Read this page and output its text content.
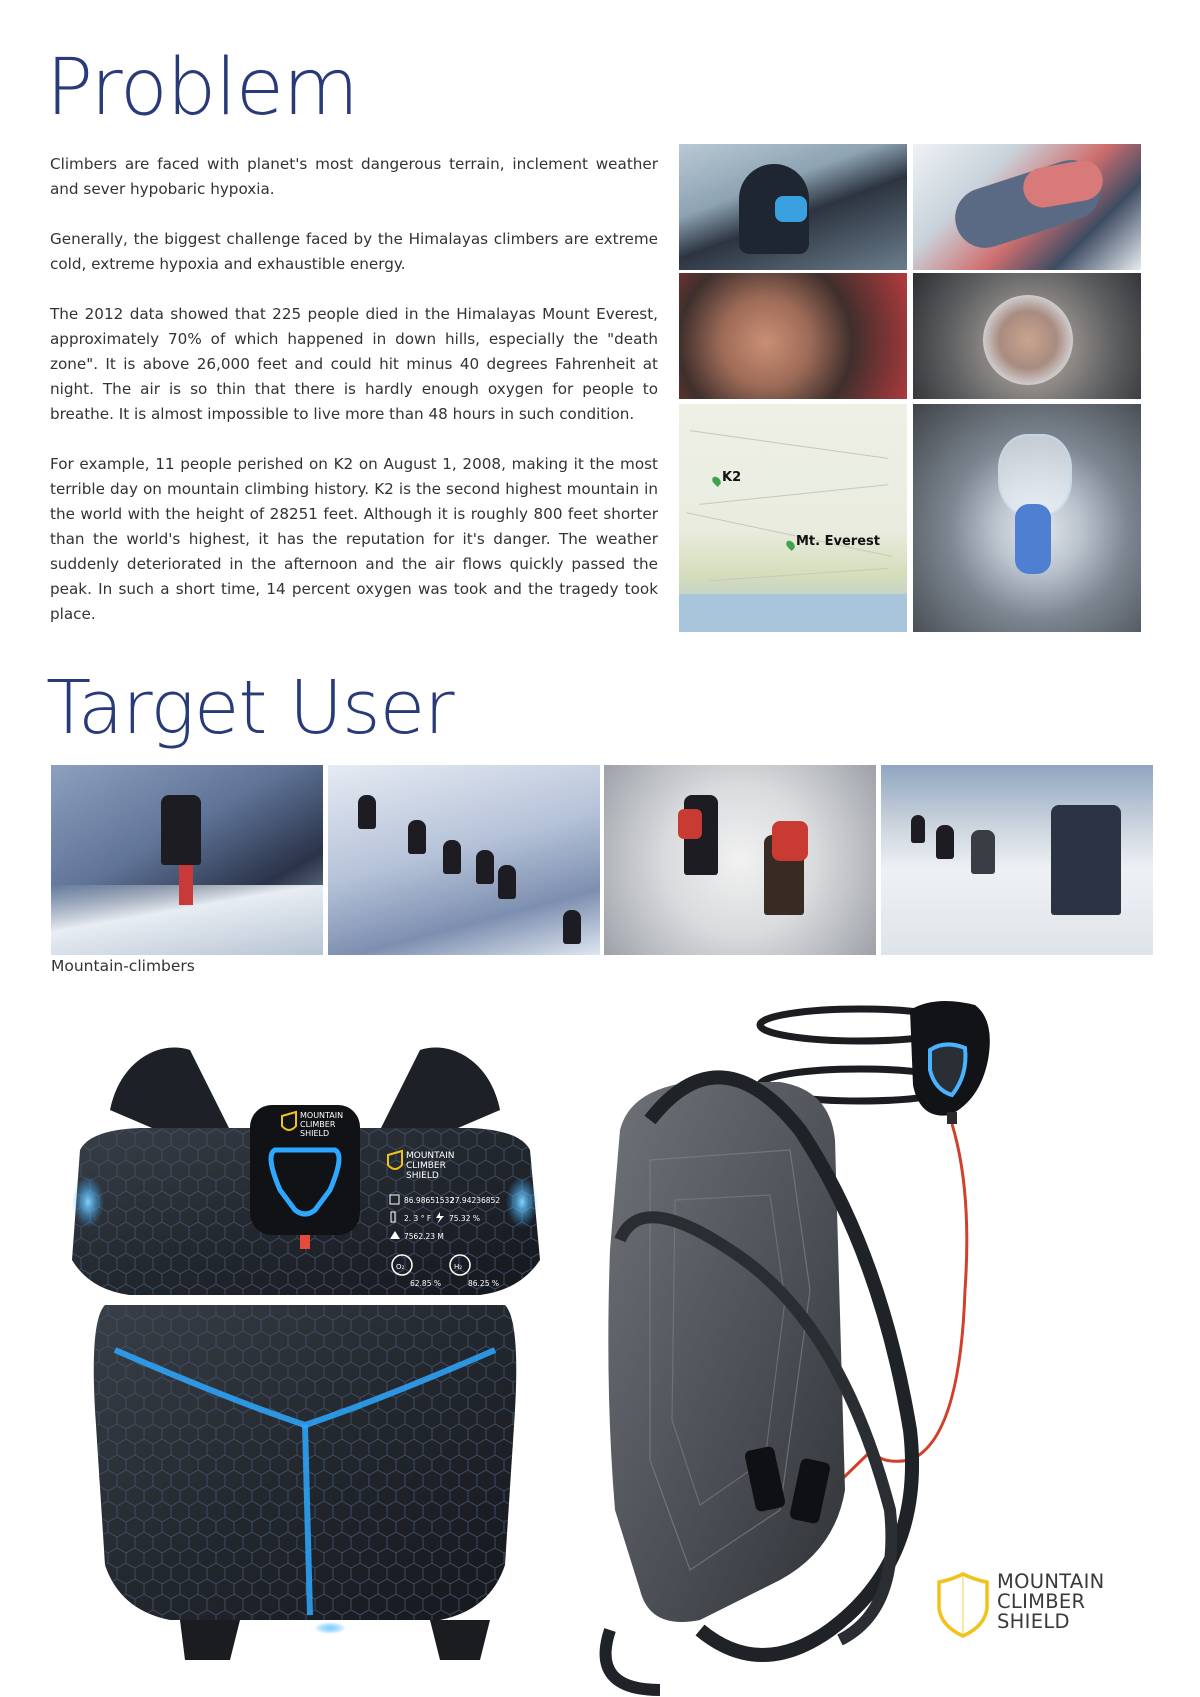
Problem

Climbers are faced with planet's most dangerous terrain, inclement weather and sever hypobaric hypoxia.

Generally, the biggest challenge faced by the Himalayas climbers are extreme cold, extreme hypoxia and exhaustible energy.

The 2012 data showed that 225 people died in the Himalayas Mount Everest, approximately 70% of which happened in down hills, especially the "death zone". It is above 26,000 feet and could hit minus 40 degrees Fahrenheit at night. The air is so thin that there is hardly enough oxygen for people to breathe. It is almost impossible to live more than 48 hours in such condition.

For example, 11 people perished on K2 on August 1, 2008, making it the most terrible day on mountain climbing history. K2 is the second highest mountain in the world with the height of 28251 feet. Although it is roughly 800 feet shorter than the world's highest, it has the reputation for it's danger. The weather suddenly deteriorated in the afternoon and the air flows quickly passed the peak. In such a short time, 14 percent oxygen was took and the tragedy took place.

K2
Mt. Everest
Target User
Mountain-climbers
MOUNTAIN
CLIMBER
SHIELD
MOUNTAIN
CLIMBER
SHIELD
86.98651532
27.94236852
2. 3 ° F 75.32 %
7562.23 M
O₂
62.85 %
H₂
86.25 %
MOUNTAIN
CLIMBER
SHIELD
